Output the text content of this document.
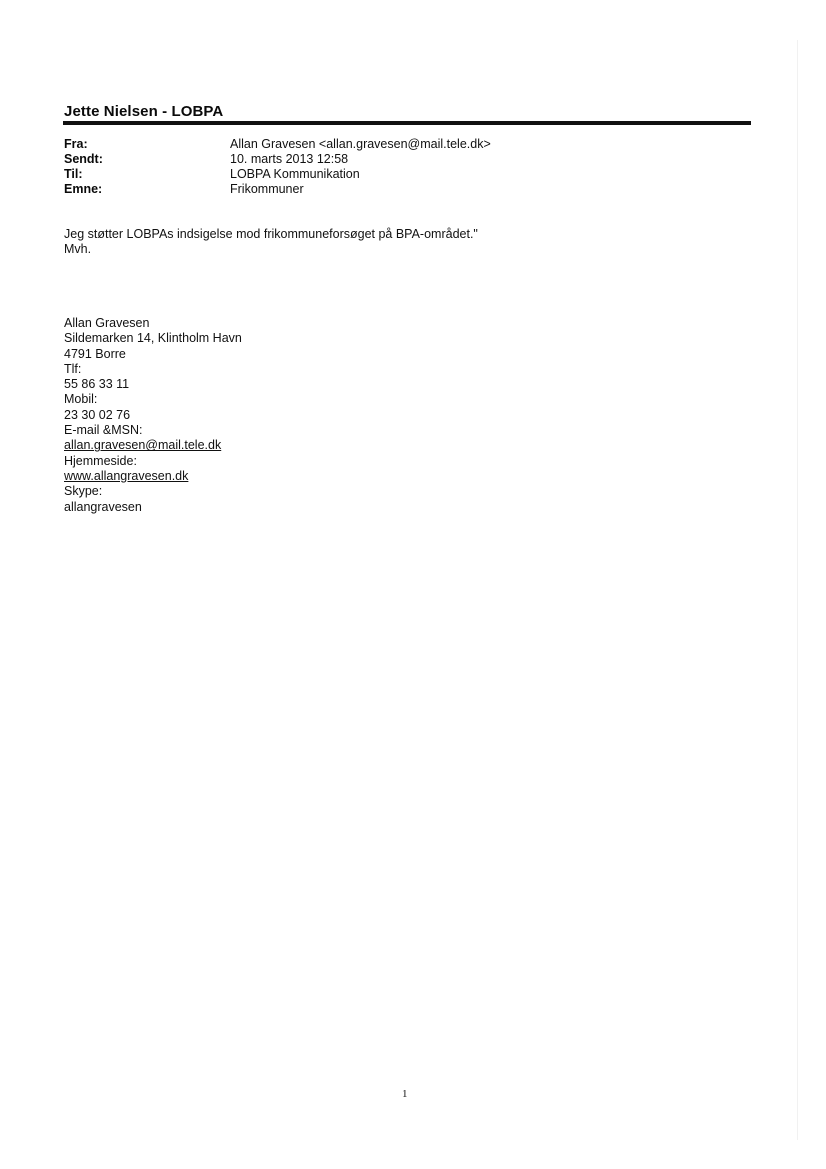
Jette Nielsen - LOBPA
Fra:	Allan Gravesen <allan.gravesen@mail.tele.dk>
Sendt:	10. marts 2013 12:58
Til:	LOBPA Kommunikation
Emne:	Frikommuner
Jeg støtter LOBPAs indsigelse mod frikommuneforsøget på BPA-området."
Mvh.
Allan Gravesen
Sildemarken 14, Klintholm Havn
4791 Borre
Tlf:
55 86 33 11
Mobil:
23 30 02 76
E-mail &MSN:
allan.gravesen@mail.tele.dk
Hjemmeside:
www.allangravesen.dk
Skype:
allangravesen
1
